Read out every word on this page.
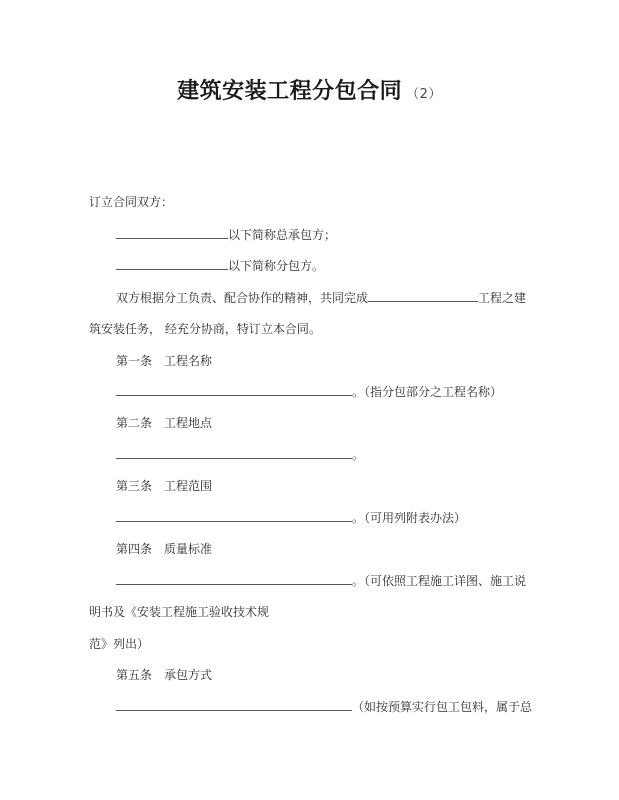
建筑安装工程分包合同 （2）
订立合同双方：
以下简称总承包方；
以下简称分包方。
双方根据分工负责、配合协作的精神，共同完成	工程之建
筑安装任务， 经充分协商，特订立本合同。
第一条　工程名称
。（指分包部分之工程名称）
第二条　工程地点
。
第三条　工程范围
。（可用列附表办法）
第四条　质量标准
。（可依照工程施工详图、施工说
明书及《安装工程施工验收技术规
范》列出）
第五条　承包方式
（如按预算实行包工包料，属于总
